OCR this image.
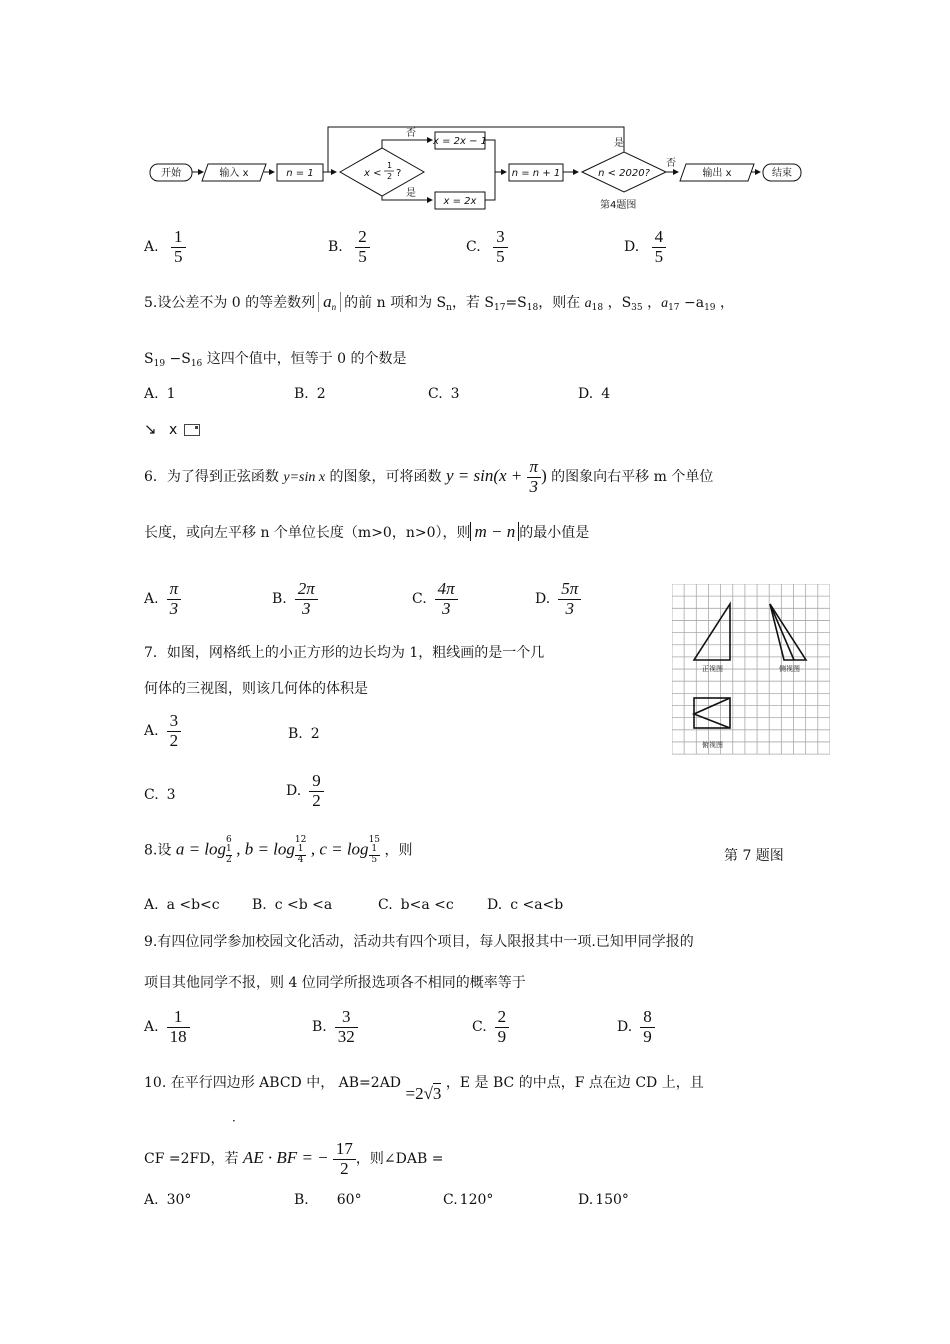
开始	输入 x	n = 1	x <
1
2 ?
否
是
x = 2x − 1
x = 2x
n = n + 1	n < 2020?
是
否
输出 x	结束
第4题图
A. $\frac{1}{5}$	B. $\frac{2}{5}$	C. $\frac{3}{5}$	D. $\frac{4}{5}$
5.设公差不为 0 的等差数列 $a_n$ 的前 n 项和为 $S_n$，若 $S_{17}=S_{18}$，则在 $a_{18}$ ，$S_{35}$ ，$a_{17} -a_{19}$ ，
$S_{19} -S_{16}$ 这四个值中，恒等于 0 的个数是
A. 1	B. 2	C. 3	D. 4
↘ x
6．为了得到正弦函数 y=sin x 的图象，可将函数 $y = \sin(x + \frac{\pi}{3}$ ) 的图象向右平移 m 个单位
长度，或向左平移 n 个单位长度（m>0，n>0），则 m − n 的最小值是
A. $\frac{\pi}{3}$	B. $\frac{2\pi}{3}$	C. $\frac{4\pi}{3}$	D. $\frac{5\pi}{3}$
正视图	侧视图
俯视图
7．如图，网格纸上的小正方形的边长均为 1，粗线画的是一个几
何体的三视图，则该几何体的体积是
A. $\frac{3}{2}$	B. 2
C. 3	D. $\frac{9}{2}$
8.设 a = log 6
1
2
, b = log 12
1
4
, c = log 15
1
5
，则	第 7 题图
A. a <b<c B. c <b <a	C. b<a <c D. c <a<b
9.有四位同学参加校园文化活动，活动共有四个项目，每人限报其中一项.已知甲同学报的
项目其他同学不报，则 4 位同学所报选项各不相同的概率等于
A. $\frac{1}{18}$	B. $\frac{3}{32}$	C. $\frac{2}{9}$	D. $\frac{8}{9}$
10. 在平行四边形 ABCD 中， AB=2AD =2√3 ，E 是 BC 的中点，F 点在边 CD 上，且
·
CF =2FD，若 AE · BF = − $\frac{17}{2}$ ，则∠DAB =
A. 30°	B. 60°	C. 120°	D. 150°
